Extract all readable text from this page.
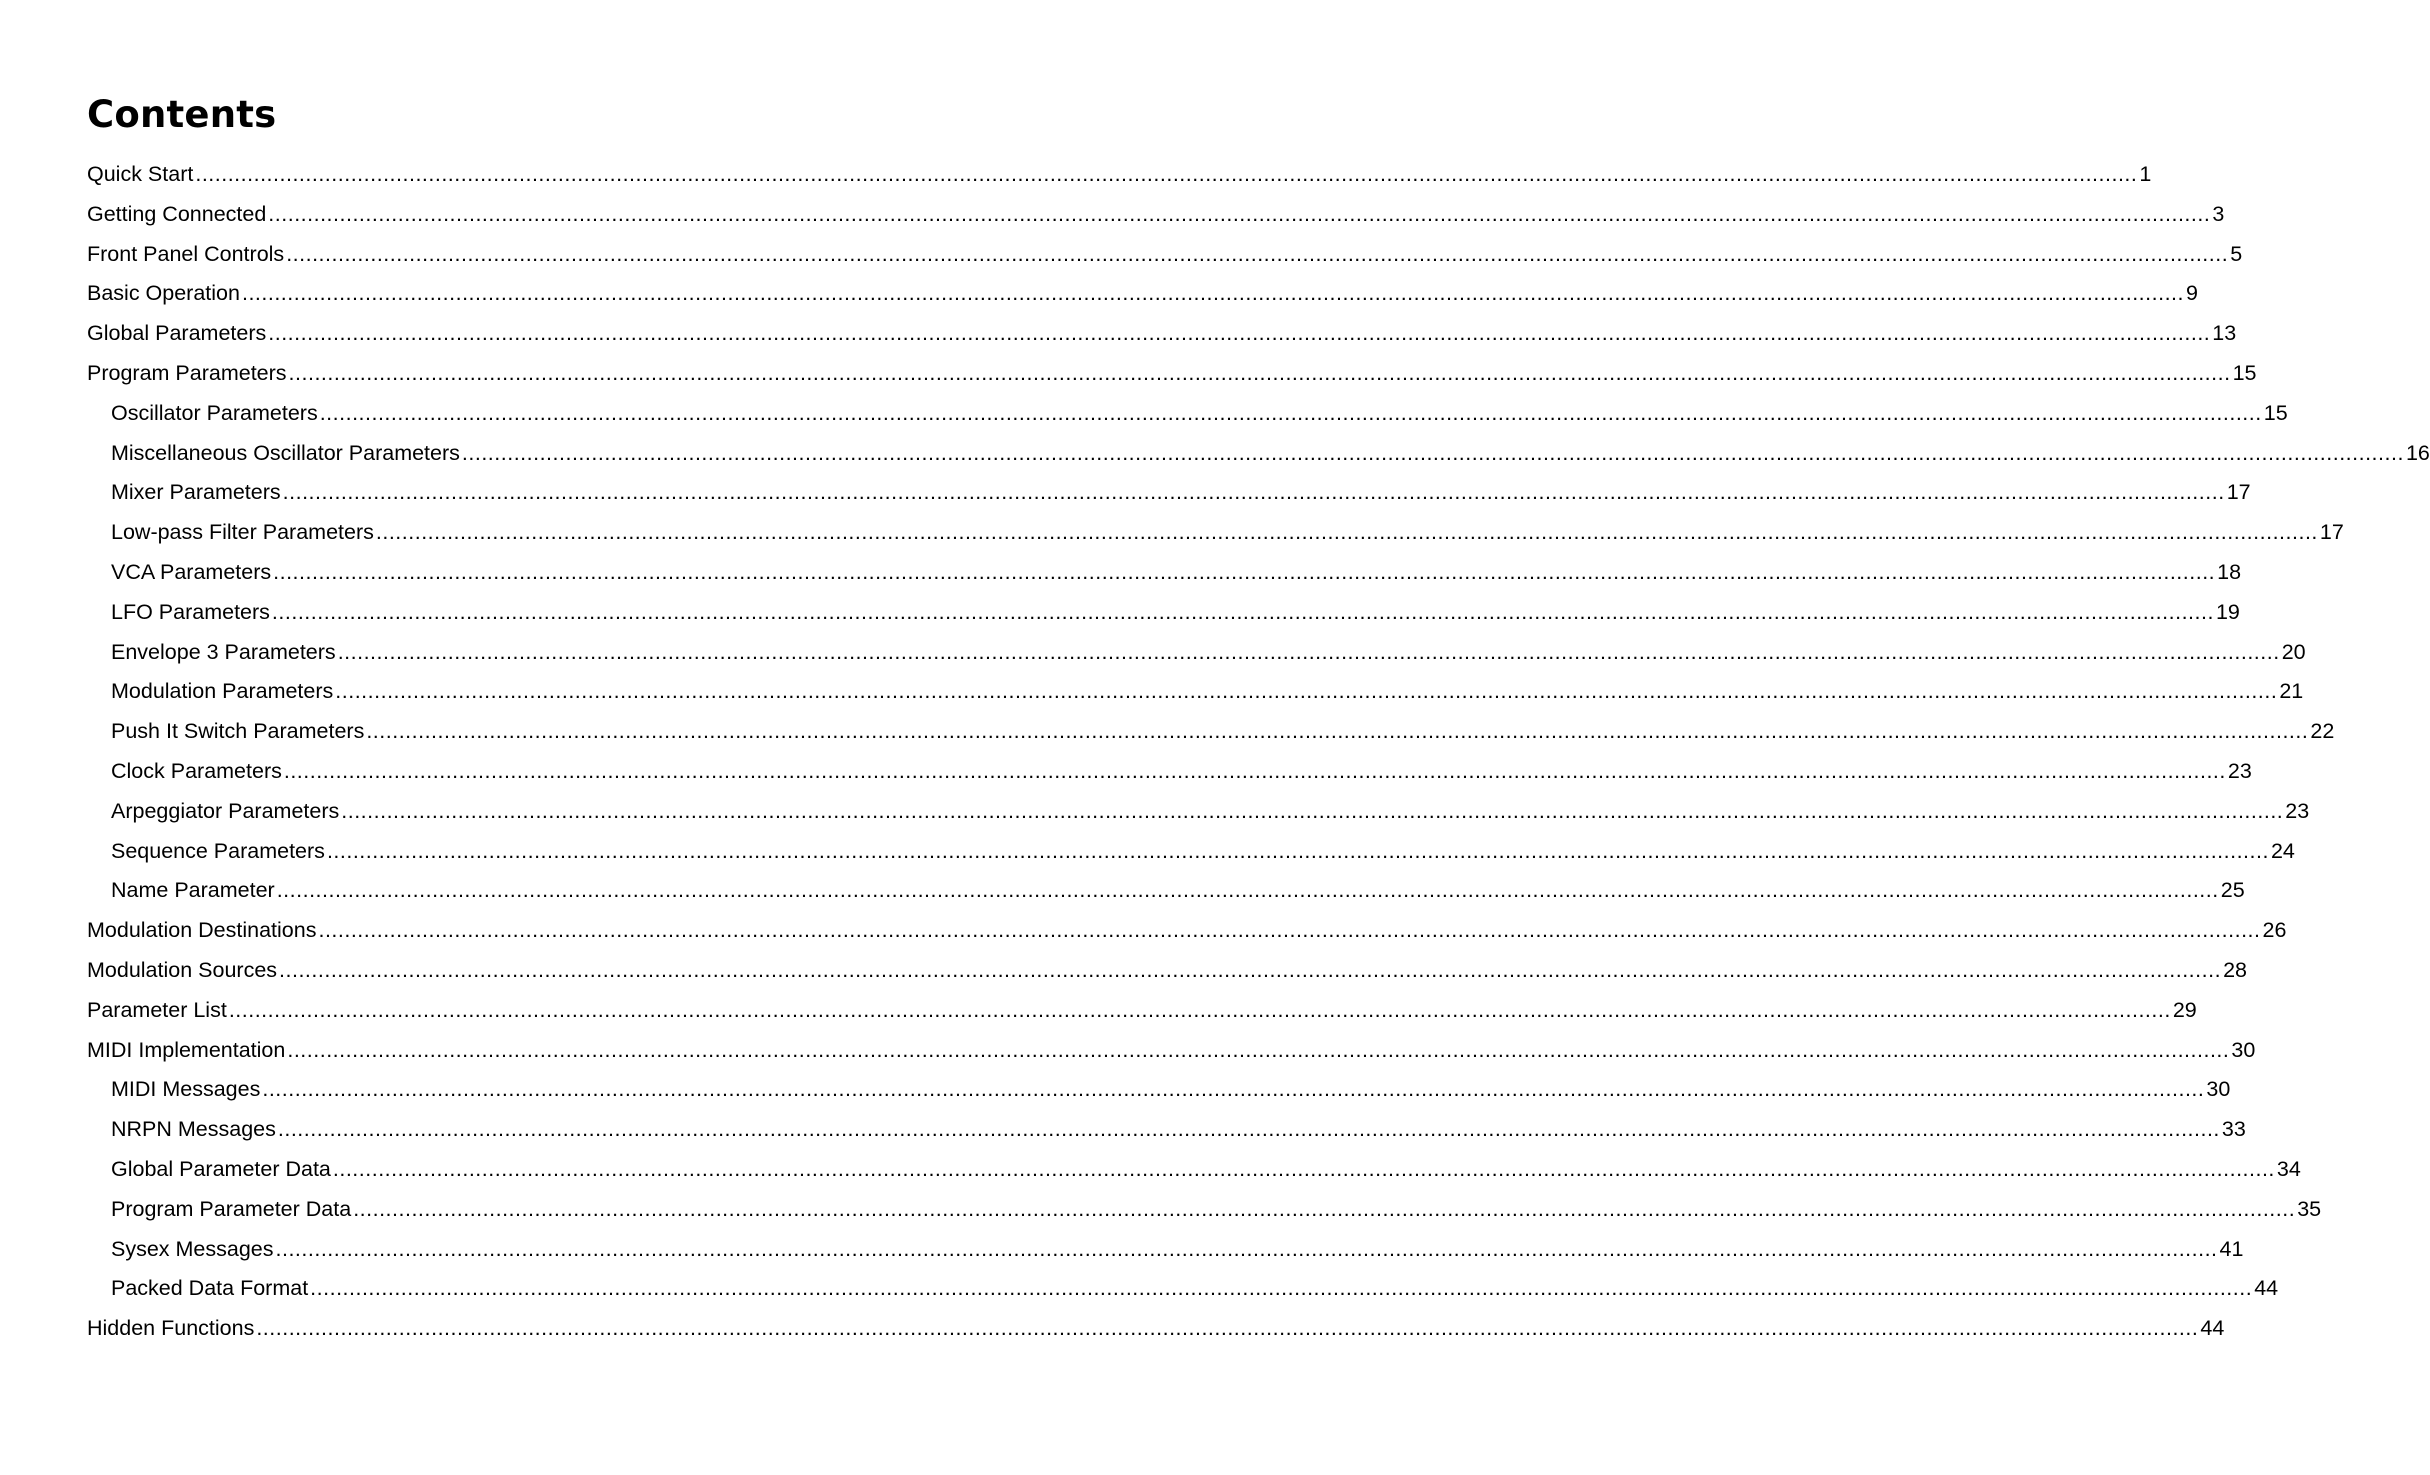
Contents
Quick Start ............................................................................................................................................................................................................................................................................................................ 1
Getting Connected ............................................................................................................................................................................................................................................................................................................ 3
Front Panel Controls ............................................................................................................................................................................................................................................................................................................ 5
Basic Operation ............................................................................................................................................................................................................................................................................................................ 9
Global Parameters ............................................................................................................................................................................................................................................................................................................ 13
Program Parameters ............................................................................................................................................................................................................................................................................................................ 15
Oscillator Parameters ............................................................................................................................................................................................................................................................................................................ 15
Miscellaneous Oscillator Parameters ............................................................................................................................................................................................................................................................................................................ 16
Mixer Parameters ............................................................................................................................................................................................................................................................................................................ 17
Low-pass Filter Parameters ............................................................................................................................................................................................................................................................................................................ 17
VCA Parameters ............................................................................................................................................................................................................................................................................................................ 18
LFO Parameters ............................................................................................................................................................................................................................................................................................................ 19
Envelope 3 Parameters ............................................................................................................................................................................................................................................................................................................ 20
Modulation Parameters ............................................................................................................................................................................................................................................................................................................ 21
Push It Switch Parameters ............................................................................................................................................................................................................................................................................................................ 22
Clock Parameters ............................................................................................................................................................................................................................................................................................................ 23
Arpeggiator Parameters ............................................................................................................................................................................................................................................................................................................ 23
Sequence Parameters ............................................................................................................................................................................................................................................................................................................ 24
Name Parameter ............................................................................................................................................................................................................................................................................................................ 25
Modulation Destinations ............................................................................................................................................................................................................................................................................................................ 26
Modulation Sources ............................................................................................................................................................................................................................................................................................................ 28
Parameter List ............................................................................................................................................................................................................................................................................................................ 29
MIDI Implementation ............................................................................................................................................................................................................................................................................................................ 30
MIDI Messages ............................................................................................................................................................................................................................................................................................................ 30
NRPN Messages ............................................................................................................................................................................................................................................................................................................ 33
Global Parameter Data ............................................................................................................................................................................................................................................................................................................ 34
Program Parameter Data ............................................................................................................................................................................................................................................................................................................ 35
Sysex Messages ............................................................................................................................................................................................................................................................................................................ 41
Packed Data Format ............................................................................................................................................................................................................................................................................................................ 44
Hidden Functions ............................................................................................................................................................................................................................................................................................................ 44
